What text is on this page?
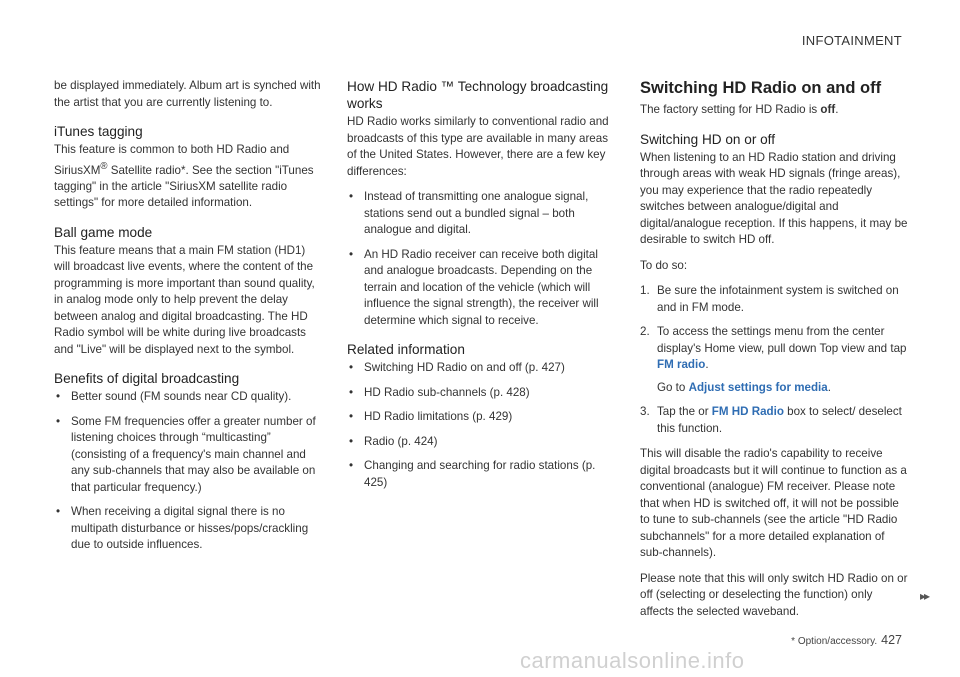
INFOTAINMENT

be displayed immediately. Album art is synched with the artist that you are currently listening to.

iTunes tagging

This feature is common to both HD Radio and SiriusXM® Satellite radio*. See the section "iTunes tagging" in the article "SiriusXM satellite radio settings" for more detailed information.

Ball game mode

This feature means that a main FM station (HD1) will broadcast live events, where the content of the programming is more important than sound quality, in analog mode only to help prevent the delay between analog and digital broadcasting. The HD Radio symbol will be white during live broadcasts and "Live" will be displayed next to the symbol.

Benefits of digital broadcasting
• Better sound (FM sounds near CD quality).
• Some FM frequencies offer a greater number of listening choices through “multicasting” (consisting of a frequency's main channel and any sub-channels that may also be available on that particular frequency.)
• When receiving a digital signal there is no multipath disturbance or hisses/pops/crackling due to outside influences.
How HD Radio ™ Technology broadcasting works

HD Radio works similarly to conventional radio and broadcasts of this type are available in many areas of the United States. However, there are a few key differences:

• Instead of transmitting one analogue signal, stations send out a bundled signal – both analogue and digital.
• An HD Radio receiver can receive both digital and analogue broadcasts. Depending on the terrain and location of the vehicle (which will influence the signal strength), the receiver will determine which signal to receive.
Related information
• Switching HD Radio on and off (p. 427)
• HD Radio sub-channels (p. 428)
• HD Radio limitations (p. 429)
• Radio (p. 424)
• Changing and searching for radio stations (p. 425)
Switching HD Radio on and off

The factory setting for HD Radio is off.

Switching HD on or off

When listening to an HD Radio station and driving through areas with weak HD signals (fringe areas), you may experience that the radio repeatedly switches between analogue/digital and digital/analogue reception. If this happens, it may be desirable to switch HD off.

To do so:

1. Be sure the infotainment system is switched on and in FM mode.
2. To access the settings menu from the center display's Home view, pull down Top view and tap FM radio.
Go to Adjust settings for media.
3. Tap the or FM HD Radio box to select/ deselect this function.

This will disable the radio's capability to receive digital broadcasts but it will continue to function as a conventional (analogue) FM receiver. Please note that when HD is switched off, it will not be possible to tune to sub-channels (see the article "HD Radio subchannels" for a more detailed explanation of sub-channels).

Please note that this will only switch HD Radio on or off (selecting or deselecting the function) only affects the selected waveband.

▸▸
* Option/accessory. 427
carmanualsonline.info
